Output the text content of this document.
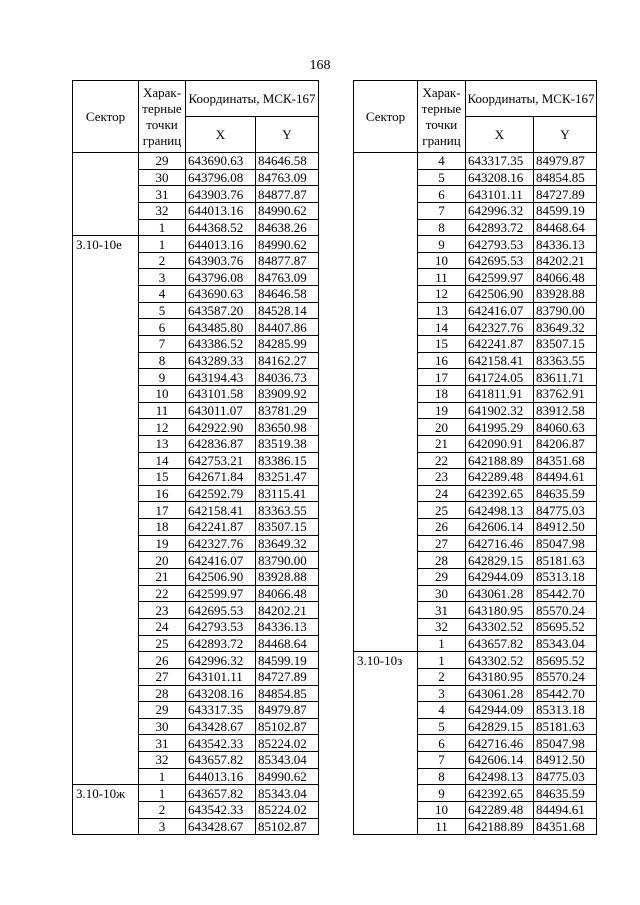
168
Сектор	Харак-терные точки границ	Координаты, МСК-167	
		X	Y
	29	643690.63	84646.58
	30	643796.08	84763.09
	31	643903.76	84877.87
	32	644013.16	84990.62
	1	644368.52	84638.26
3.10-10е	1	644013.16	84990.62
	2	643903.76	84877.87
	3	643796.08	84763.09
	4	643690.63	84646.58
	5	643587.20	84528.14
	6	643485.80	84407.86
	7	643386.52	84285.99
	8	643289.33	84162.27
	9	643194.43	84036.73
	10	643101.58	83909.92
	11	643011.07	83781.29
	12	642922.90	83650.98
	13	642836.87	83519.38
	14	642753.21	83386.15
	15	642671.84	83251.47
	16	642592.79	83115.41
	17	642158.41	83363.55
	18	642241.87	83507.15
	19	642327.76	83649.32
	20	642416.07	83790.00
	21	642506.90	83928.88
	22	642599.97	84066.48
	23	642695.53	84202.21
	24	642793.53	84336.13
	25	642893.72	84468.64
	26	642996.32	84599.19
	27	643101.11	84727.89
	28	643208.16	84854.85
	29	643317.35	84979.87
	30	643428.67	85102.87
	31	643542.33	85224.02
	32	643657.82	85343.04
	1	644013.16	84990.62
3.10-10ж	1	643657.82	85343.04
	2	643542.33	85224.02
	3	643428.67	85102.87
Сектор	Харак-терные точки границ	Координаты, МСК-167	
		X	Y
	4	643317.35	84979.87
	5	643208.16	84854.85
	6	643101.11	84727.89
	7	642996.32	84599.19
	8	642893.72	84468.64
	9	642793.53	84336.13
	10	642695.53	84202.21
	11	642599.97	84066.48
	12	642506.90	83928.88
	13	642416.07	83790.00
	14	642327.76	83649.32
	15	642241.87	83507.15
	16	642158.41	83363.55
	17	641724.05	83611.71
	18	641811.91	83762.91
	19	641902.32	83912.58
	20	641995.29	84060.63
	21	642090.91	84206.87
	22	642188.89	84351.68
	23	642289.48	84494.61
	24	642392.65	84635.59
	25	642498.13	84775.03
	26	642606.14	84912.50
	27	642716.46	85047.98
	28	642829.15	85181.63
	29	642944.09	85313.18
	30	643061.28	85442.70
	31	643180.95	85570.24
	32	643302.52	85695.52
	1	643657.82	85343.04
3.10-10з	1	643302.52	85695.52
	2	643180.95	85570.24
	3	643061.28	85442.70
	4	642944.09	85313.18
	5	642829.15	85181.63
	6	642716.46	85047.98
	7	642606.14	84912.50
	8	642498.13	84775.03
	9	642392.65	84635.59
	10	642289.48	84494.61
	11	642188.89	84351.68
